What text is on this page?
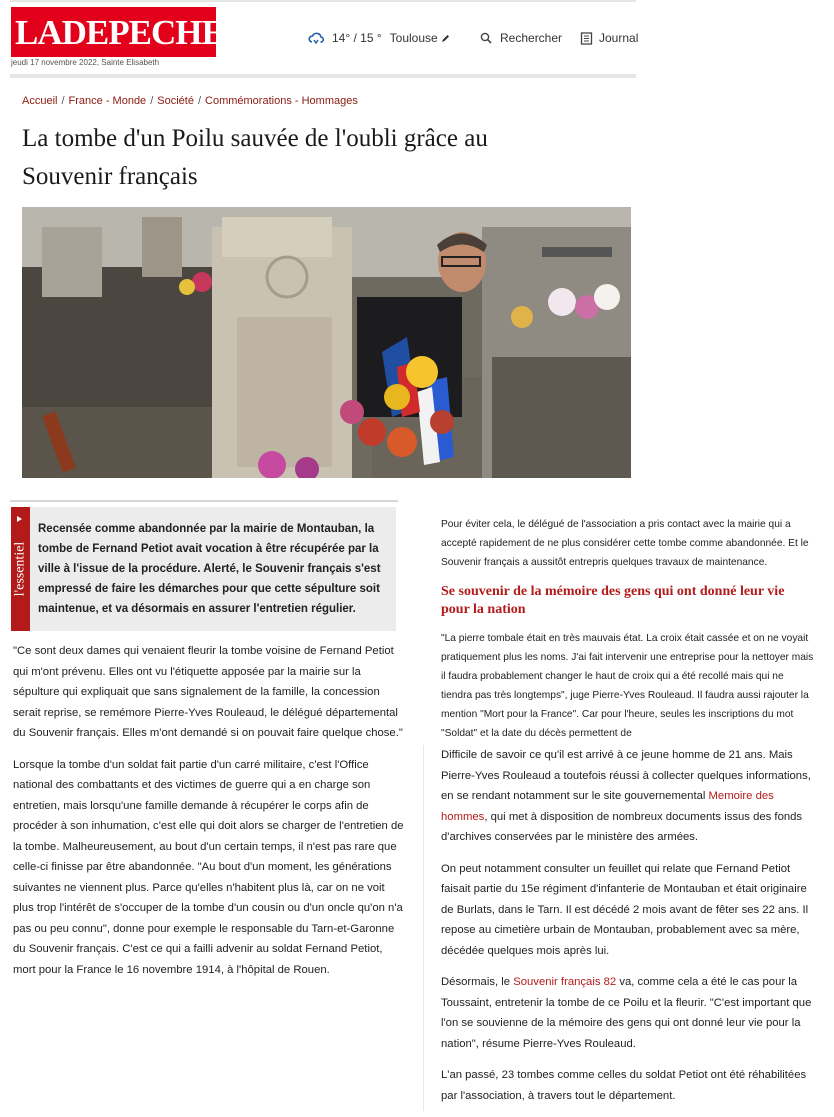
LADEPECHE .fr
jeudi 17 novembre 2022, Sainte Elisabeth
14° / 15 ° Toulouse	Rechercher	Journal
Accueil / France - Monde / Société / Commémorations - Hommages
La tombe d'un Poilu sauvée de l'oubli grâce au Souvenir français
l'essentiel

Recensée comme abandonnée par la mairie de Montauban, la tombe de Fernand Petiot avait vocation à être récupérée par la ville à l'issue de la procédure. Alerté, le Souvenir français s'est empressé de faire les démarches pour que cette sépulture soit maintenue, et va désormais en assurer l'entretien régulier.

"Ce sont deux dames qui venaient fleurir la tombe voisine de Fernand Petiot qui m'ont prévenu. Elles ont vu l'étiquette apposée par la mairie sur la sépulture qui expliquait que sans signalement de la famille, la concession serait reprise, se remémore Pierre-Yves Rouleaud, le délégué départemental du Souvenir français. Elles m'ont demandé si on pouvait faire quelque chose."

Lorsque la tombe d'un soldat fait partie d'un carré militaire, c'est l'Office national des combattants et des victimes de guerre qui a en charge son entretien, mais lorsqu'une famille demande à récupérer le corps afin de procéder à son inhumation, c'est elle qui doit alors se charger de l'entretien de la tombe. Malheureusement, au bout d'un certain temps, il n'est pas rare que celle-ci finisse par être abandonnée. "Au bout d'un moment, les générations suivantes ne viennent plus. Parce qu'elles n'habitent plus là, car on ne voit plus trop l'intérêt de s'occuper de la tombe d'un cousin ou d'un oncle qu'on n'a pas ou peu connu", donne pour exemple le responsable du Tarn-et-Garonne du Souvenir français. C'est ce qui a failli advenir au soldat Fernand Petiot, mort pour la France le 16 novembre 1914, à l'hôpital de Rouen.

Pour éviter cela, le délégué de l'association a pris contact avec la mairie qui a accepté rapidement de ne plus considérer cette tombe comme abandonnée. Et le Souvenir français a aussitôt entrepris quelques travaux de maintenance.

Se souvenir de la mémoire des gens qui ont donné leur vie pour la nation

"La pierre tombale était en très mauvais état. La croix était cassée et on ne voyait pratiquement plus les noms. J'ai fait intervenir une entreprise pour la nettoyer mais il faudra probablement changer le haut de croix qui a été recollé mais qui ne tiendra pas très longtemps", juge Pierre-Yves Rouleaud. Il faudra aussi rajouter la mention "Mort pour la France". Car pour l'heure, seules les inscriptions du mot "Soldat" et la date du décès permettent de

Difficile de savoir ce qu'il est arrivé à ce jeune homme de 21 ans. Mais Pierre-Yves Rouleaud a toutefois réussi à collecter quelques informations, en se rendant notamment sur le site gouvernemental Memoire des hommes, qui met à disposition de nombreux documents issus des fonds d'archives conservées par le ministère des armées.

On peut notamment consulter un feuillet qui relate que Fernand Petiot faisait partie du 15e régiment d'infanterie de Montauban et était originaire de Burlats, dans le Tarn. Il est décédé 2 mois avant de fêter ses 22 ans. Il repose au cimetière urbain de Montauban, probablement avec sa mère, décédée quelques mois après lui.

Désormais, le Souvenir français 82 va, comme cela a été le cas pour la Toussaint, entretenir la tombe de ce Poilu et la fleurir. "C'est important que l'on se souvienne de la mémoire des gens qui ont donné leur vie pour la nation", résume Pierre-Yves Rouleaud.

L'an passé, 23 tombes comme celles du soldat Petiot ont été réhabilitées par l'association, à travers tout le département.
